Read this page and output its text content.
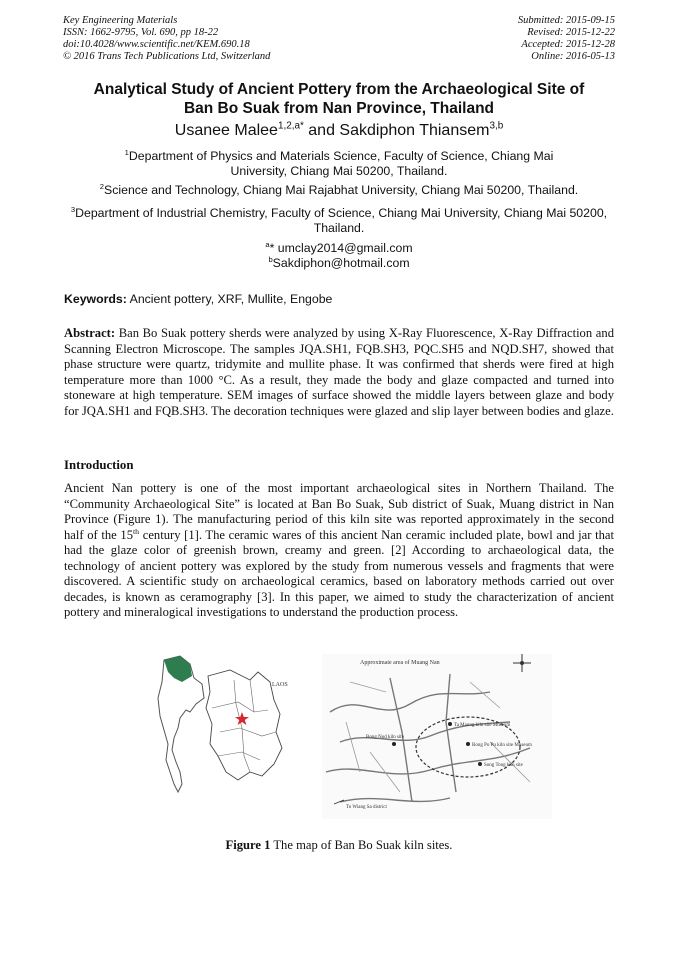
Key Engineering Materials
ISSN: 1662-9795, Vol. 690, pp 18-22
doi:10.4028/www.scientific.net/KEM.690.18
© 2016 Trans Tech Publications Ltd, Switzerland
Submitted: 2015-09-15
Revised: 2015-12-22
Accepted: 2015-12-28
Online: 2016-05-13
Analytical Study of Ancient Pottery from the Archaeological Site of
Ban Bo Suak from Nan Province, Thailand
Usanee Malee$^{1,2,a*}$ and Sakdiphon Thiansem$^{3,b}$
$^1$Department of Physics and Materials Science, Faculty of Science, Chiang Mai
University, Chiang Mai 50200, Thailand.
$^2$Science and Technology, Chiang Mai Rajabhat University, Chiang Mai 50200, Thailand.
$^3$Department of Industrial Chemistry, Faculty of Science, Chiang Mai University, Chiang Mai 50200,
Thailand.
$^a$* umclay2014@gmail.com
$^b$Sakdiphon@hotmail.com
Keywords: Ancient pottery, XRF, Mullite, Engobe
Abstract: Ban Bo Suak pottery sherds were analyzed by using X-Ray Fluorescence, X-Ray Diffraction and Scanning Electron Microscope. The samples JQA.SH1, FQB.SH3, PQC.SH5 and NQD.SH7, showed that phase structure were quartz, tridymite and mullite phase. It was confirmed that sherds were fired at high temperature more than 1000 °C. As a result, they made the body and glaze compacted and turned into stoneware at high temperature. SEM images of surface showed the middle layers between glaze and body for JQA.SH1 and FQB.SH3. The decoration techniques were glazed and slip layer between bodies and glaze.
Introduction
Ancient Nan pottery is one of the most important archaeological sites in Northern Thailand. The “Community Archaeological Site” is located at Ban Bo Suak, Sub district of Suak, Muang district in Nan Province (Figure 1). The manufacturing period of this kiln site was reported approximately in the second half of the 15th century [1]. The ceramic wares of this ancient Nan ceramic included plate, bowl and jar that had the glaze color of greenish brown, creamy and green. [2] According to archaeological data, the technology of ancient pottery was explored by the study from numerous vessels and fragments that were discovered. A scientific study on archaeological ceramics, based on laboratory methods carried out over decades, is known as ceramography [3]. In this paper, we aimed to study the characterization of ancient pottery and mineralogical investigations to understand the production process.
LAOS
Approximate area of Muang Nan
Ta Maung kiln site Museum
Bong Po Pu kiln site Museum
Bong Nod kiln site
Song Tong kiln site
To Wiang Sa district
Figure 1 The map of Ban Bo Suak kiln sites.
